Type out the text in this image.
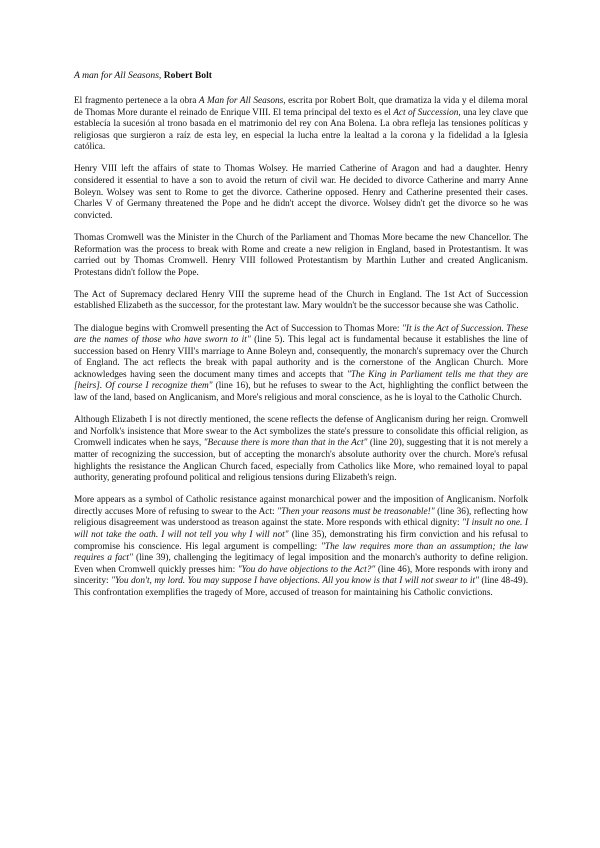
A man for All Seasons, Robert Bolt

El fragmento pertenece a la obra A Man for All Seasons, escrita por Robert Bolt, que dramatiza la vida y el dilema moral de Thomas More durante el reinado de Enrique VIII. El tema principal del texto es el Act of Succession, una ley clave que establecía la sucesión al trono basada en el matrimonio del rey con Ana Bolena. La obra refleja las tensiones políticas y religiosas que surgieron a raíz de esta ley, en especial la lucha entre la lealtad a la corona y la fidelidad a la Iglesia católica.

Henry VIII left the affairs of state to Thomas Wolsey. He married Catherine of Aragon and had a daughter. Henry considered it essential to have a son to avoid the return of civil war. He decided to divorce Catherine and marry Anne Boleyn. Wolsey was sent to Rome to get the divorce. Catherine opposed. Henry and Catherine presented their cases. Charles V of Germany threatened the Pope and he didn't accept the divorce. Wolsey didn't get the divorce so he was convicted.

Thomas Cromwell was the Minister in the Church of the Parliament and Thomas More became the new Chancellor. The Reformation was the process to break with Rome and create a new religion in England, based in Protestantism. It was carried out by Thomas Cromwell. Henry VIII followed Protestantism by Marthin Luther and created Anglicanism. Protestans didn't follow the Pope.

The Act of Supremacy declared Henry VIII the supreme head of the Church in England. The 1st Act of Succession established Elizabeth as the successor, for the protestant law. Mary wouldn't be the successor because she was Catholic.

The dialogue begins with Cromwell presenting the Act of Succession to Thomas More: "It is the Act of Succession. These are the names of those who have sworn to it" (line 5). This legal act is fundamental because it establishes the line of succession based on Henry VIII's marriage to Anne Boleyn and, consequently, the monarch's supremacy over the Church of England. The act reflects the break with papal authority and is the cornerstone of the Anglican Church. More acknowledges having seen the document many times and accepts that "The King in Parliament tells me that they are [heirs]. Of course I recognize them" (line 16), but he refuses to swear to the Act, highlighting the conflict between the law of the land, based on Anglicanism, and More's religious and moral conscience, as he is loyal to the Catholic Church.

Although Elizabeth I is not directly mentioned, the scene reflects the defense of Anglicanism during her reign. Cromwell and Norfolk's insistence that More swear to the Act symbolizes the state's pressure to consolidate this official religion, as Cromwell indicates when he says, "Because there is more than that in the Act" (line 20), suggesting that it is not merely a matter of recognizing the succession, but of accepting the monarch's absolute authority over the church. More's refusal highlights the resistance the Anglican Church faced, especially from Catholics like More, who remained loyal to papal authority, generating profound political and religious tensions during Elizabeth's reign.

More appears as a symbol of Catholic resistance against monarchical power and the imposition of Anglicanism. Norfolk directly accuses More of refusing to swear to the Act: "Then your reasons must be treasonable!" (line 36), reflecting how religious disagreement was understood as treason against the state. More responds with ethical dignity: "I insult no one. I will not take the oath. I will not tell you why I will not" (line 35), demonstrating his firm conviction and his refusal to compromise his conscience. His legal argument is compelling: "The law requires more than an assumption; the law requires a fact" (line 39), challenging the legitimacy of legal imposition and the monarch's authority to define religion. Even when Cromwell quickly presses him: "You do have objections to the Act?" (line 46), More responds with irony and sincerity: "You don't, my lord. You may suppose I have objections. All you know is that I will not swear to it" (line 48-49). This confrontation exemplifies the tragedy of More, accused of treason for maintaining his Catholic convictions.
